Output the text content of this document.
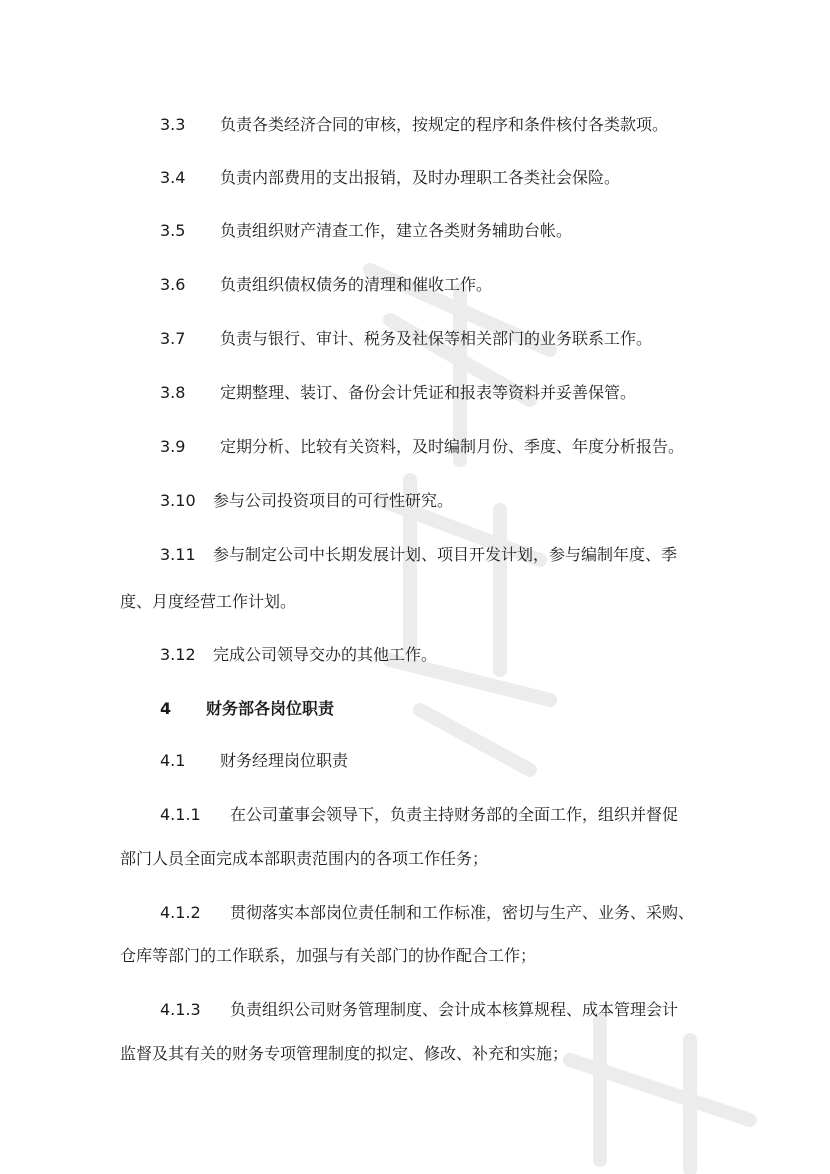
3.3 负责各类经济合同的审核，按规定的程序和条件核付各类款项。
3.4 负责内部费用的支出报销，及时办理职工各类社会保险。
3.5 负责组织财产清查工作，建立各类财务辅助台帐。
3.6 负责组织债权债务的清理和催收工作。
3.7 负责与银行、审计、税务及社保等相关部门的业务联系工作。
3.8 定期整理、装订、备份会计凭证和报表等资料并妥善保管。
3.9 定期分析、比较有关资料，及时编制月份、季度、年度分析报告。
3.10 参与公司投资项目的可行性研究。
3.11 参与制定公司中长期发展计划、项目开发计划，参与编制年度、季
度、月度经营工作计划。
3.12 完成公司领导交办的其他工作。
4 财务部各岗位职责
4.1 财务经理岗位职责
4.1.1 在公司董事会领导下，负责主持财务部的全面工作，组织并督促
部门人员全面完成本部职责范围内的各项工作任务；
4.1.2 贯彻落实本部岗位责任制和工作标准，密切与生产、业务、采购、
仓库等部门的工作联系，加强与有关部门的协作配合工作；
4.1.3 负责组织公司财务管理制度、会计成本核算规程、成本管理会计
监督及其有关的财务专项管理制度的拟定、修改、补充和实施；
